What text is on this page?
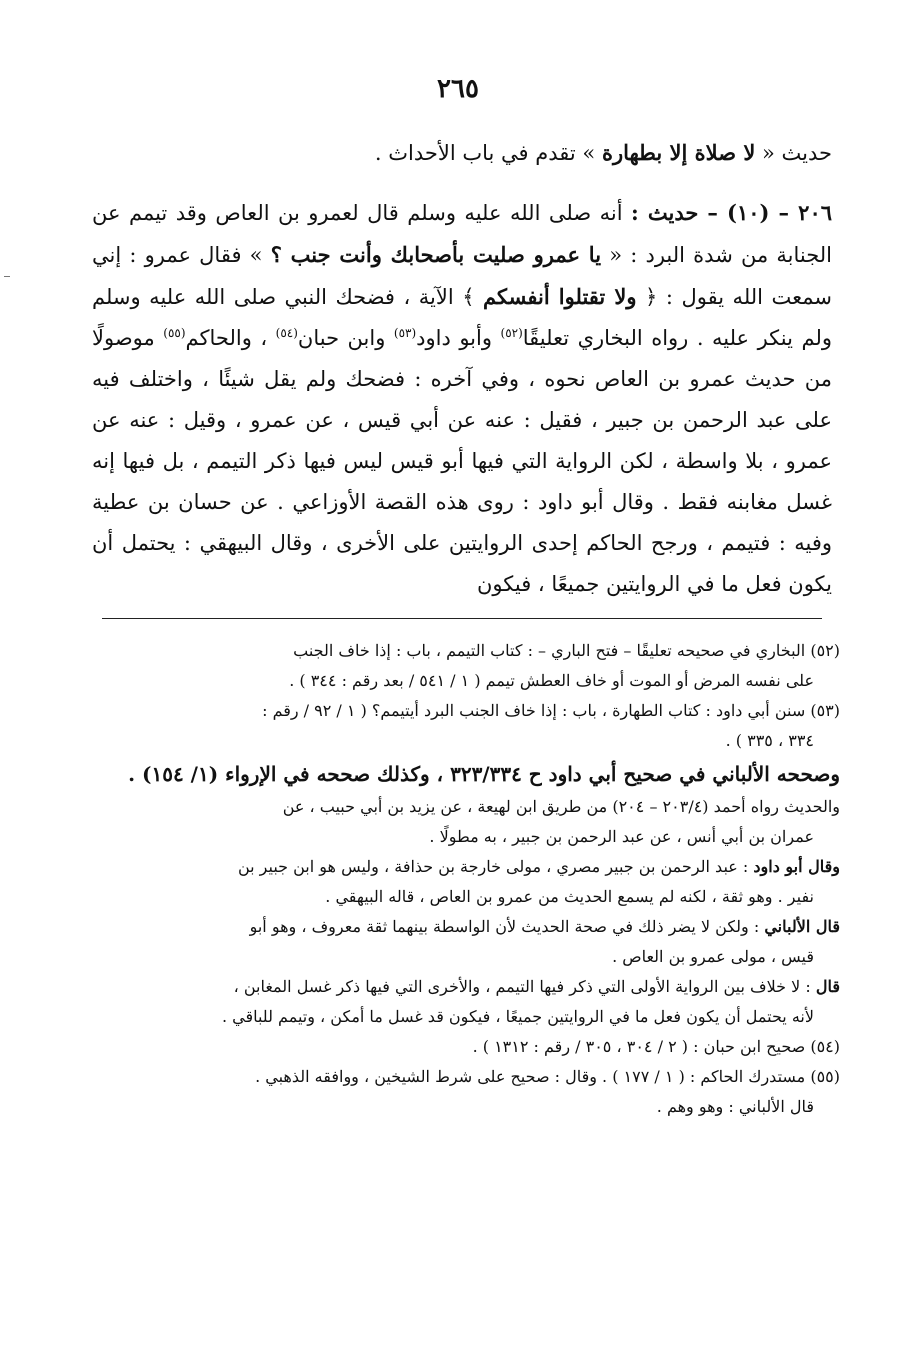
٢٦٥

حديث « لا صلاة إلا بطهارة » تقدم في باب الأحداث .

٢٠٦ – (١٠) – حديث : أنه صلى الله عليه وسلم قال لعمرو بن العاص وقد تيمم عن الجنابة من شدة البرد : « يا عمرو صليت بأصحابك وأنت جنب ؟ » فقال عمرو : إني سمعت الله يقول : ﴿ ولا تقتلوا أنفسكم ﴾ الآية ، فضحك النبي صلى الله عليه وسلم ولم ينكر عليه . رواه البخاري تعليقًا$^{(٥٢)}$ وأبو داود$^{(٥٣)}$ وابن حبان$^{(٥٤)}$ ، والحاكم$^{(٥٥)}$ موصولًا من حديث عمرو بن العاص نحوه ، وفي آخره : فضحك ولم يقل شيئًا ، واختلف فيه على عبد الرحمن بن جبير ، فقيل : عنه عن أبي قيس ، عن عمرو ، وقيل : عنه عن عمرو ، بلا واسطة ، لكن الرواية التي فيها أبو قيس ليس فيها ذكر التيمم ، بل فيها إنه غسل مغابنه فقط . وقال أبو داود : روى هذه القصة الأوزاعي . عن حسان بن عطية وفيه : فتيمم ، ورجح الحاكم إحدى الروايتين على الأخرى ، وقال البيهقي : يحتمل أن يكون فعل ما في الروايتين جميعًا ، فيكون

(٥٢) البخاري في صحيحه تعليقًا – فتح الباري – : كتاب التيمم ، باب : إذا خاف الجنب

على نفسه المرض أو الموت أو خاف العطش تيمم ( ١ / ٥٤١ / بعد رقم : ٣٤٤ ) .

(٥٣) سنن أبي داود : كتاب الطهارة ، باب : إذا خاف الجنب البرد أيتيمم؟ ( ١ / ٩٢ / رقم :

٣٣٤ ، ٣٣٥ ) .

وصححه الألباني في صحيح أبي داود ح ٣٢٣/٣٣٤ ، وكذلك صححه في الإرواء (١/ ١٥٤) .

والحديث رواه أحمد (٢٠٣/٤ – ٢٠٤) من طريق ابن لهيعة ، عن يزيد بن أبي حبيب ، عن

عمران بن أبي أنس ، عن عبد الرحمن بن جبير ، به مطولًا .

وقال أبو داود : عبد الرحمن بن جبير مصري ، مولى خارجة بن حذافة ، وليس هو ابن جبير بن

نفير . وهو ثقة ، لكنه لم يسمع الحديث من عمرو بن العاص ، قاله البيهقي .

قال الألباني : ولكن لا يضر ذلك في صحة الحديث لأن الواسطة بينهما ثقة معروف ، وهو أبو

قيس ، مولى عمرو بن العاص .

قال : لا خلاف بين الرواية الأولى التي ذكر فيها التيمم ، والأخرى التي فيها ذكر غسل المغابن ،

لأنه يحتمل أن يكون فعل ما في الروايتين جميعًا ، فيكون قد غسل ما أمكن ، وتيمم للباقي .

(٥٤) صحيح ابن حبان : ( ٢ / ٣٠٤ ، ٣٠٥ / رقم : ١٣١٢ ) .

(٥٥) مستدرك الحاكم : ( ١ / ١٧٧ ) . وقال : صحيح على شرط الشيخين ، ووافقه الذهبي .

قال الألباني : وهو وهم .
